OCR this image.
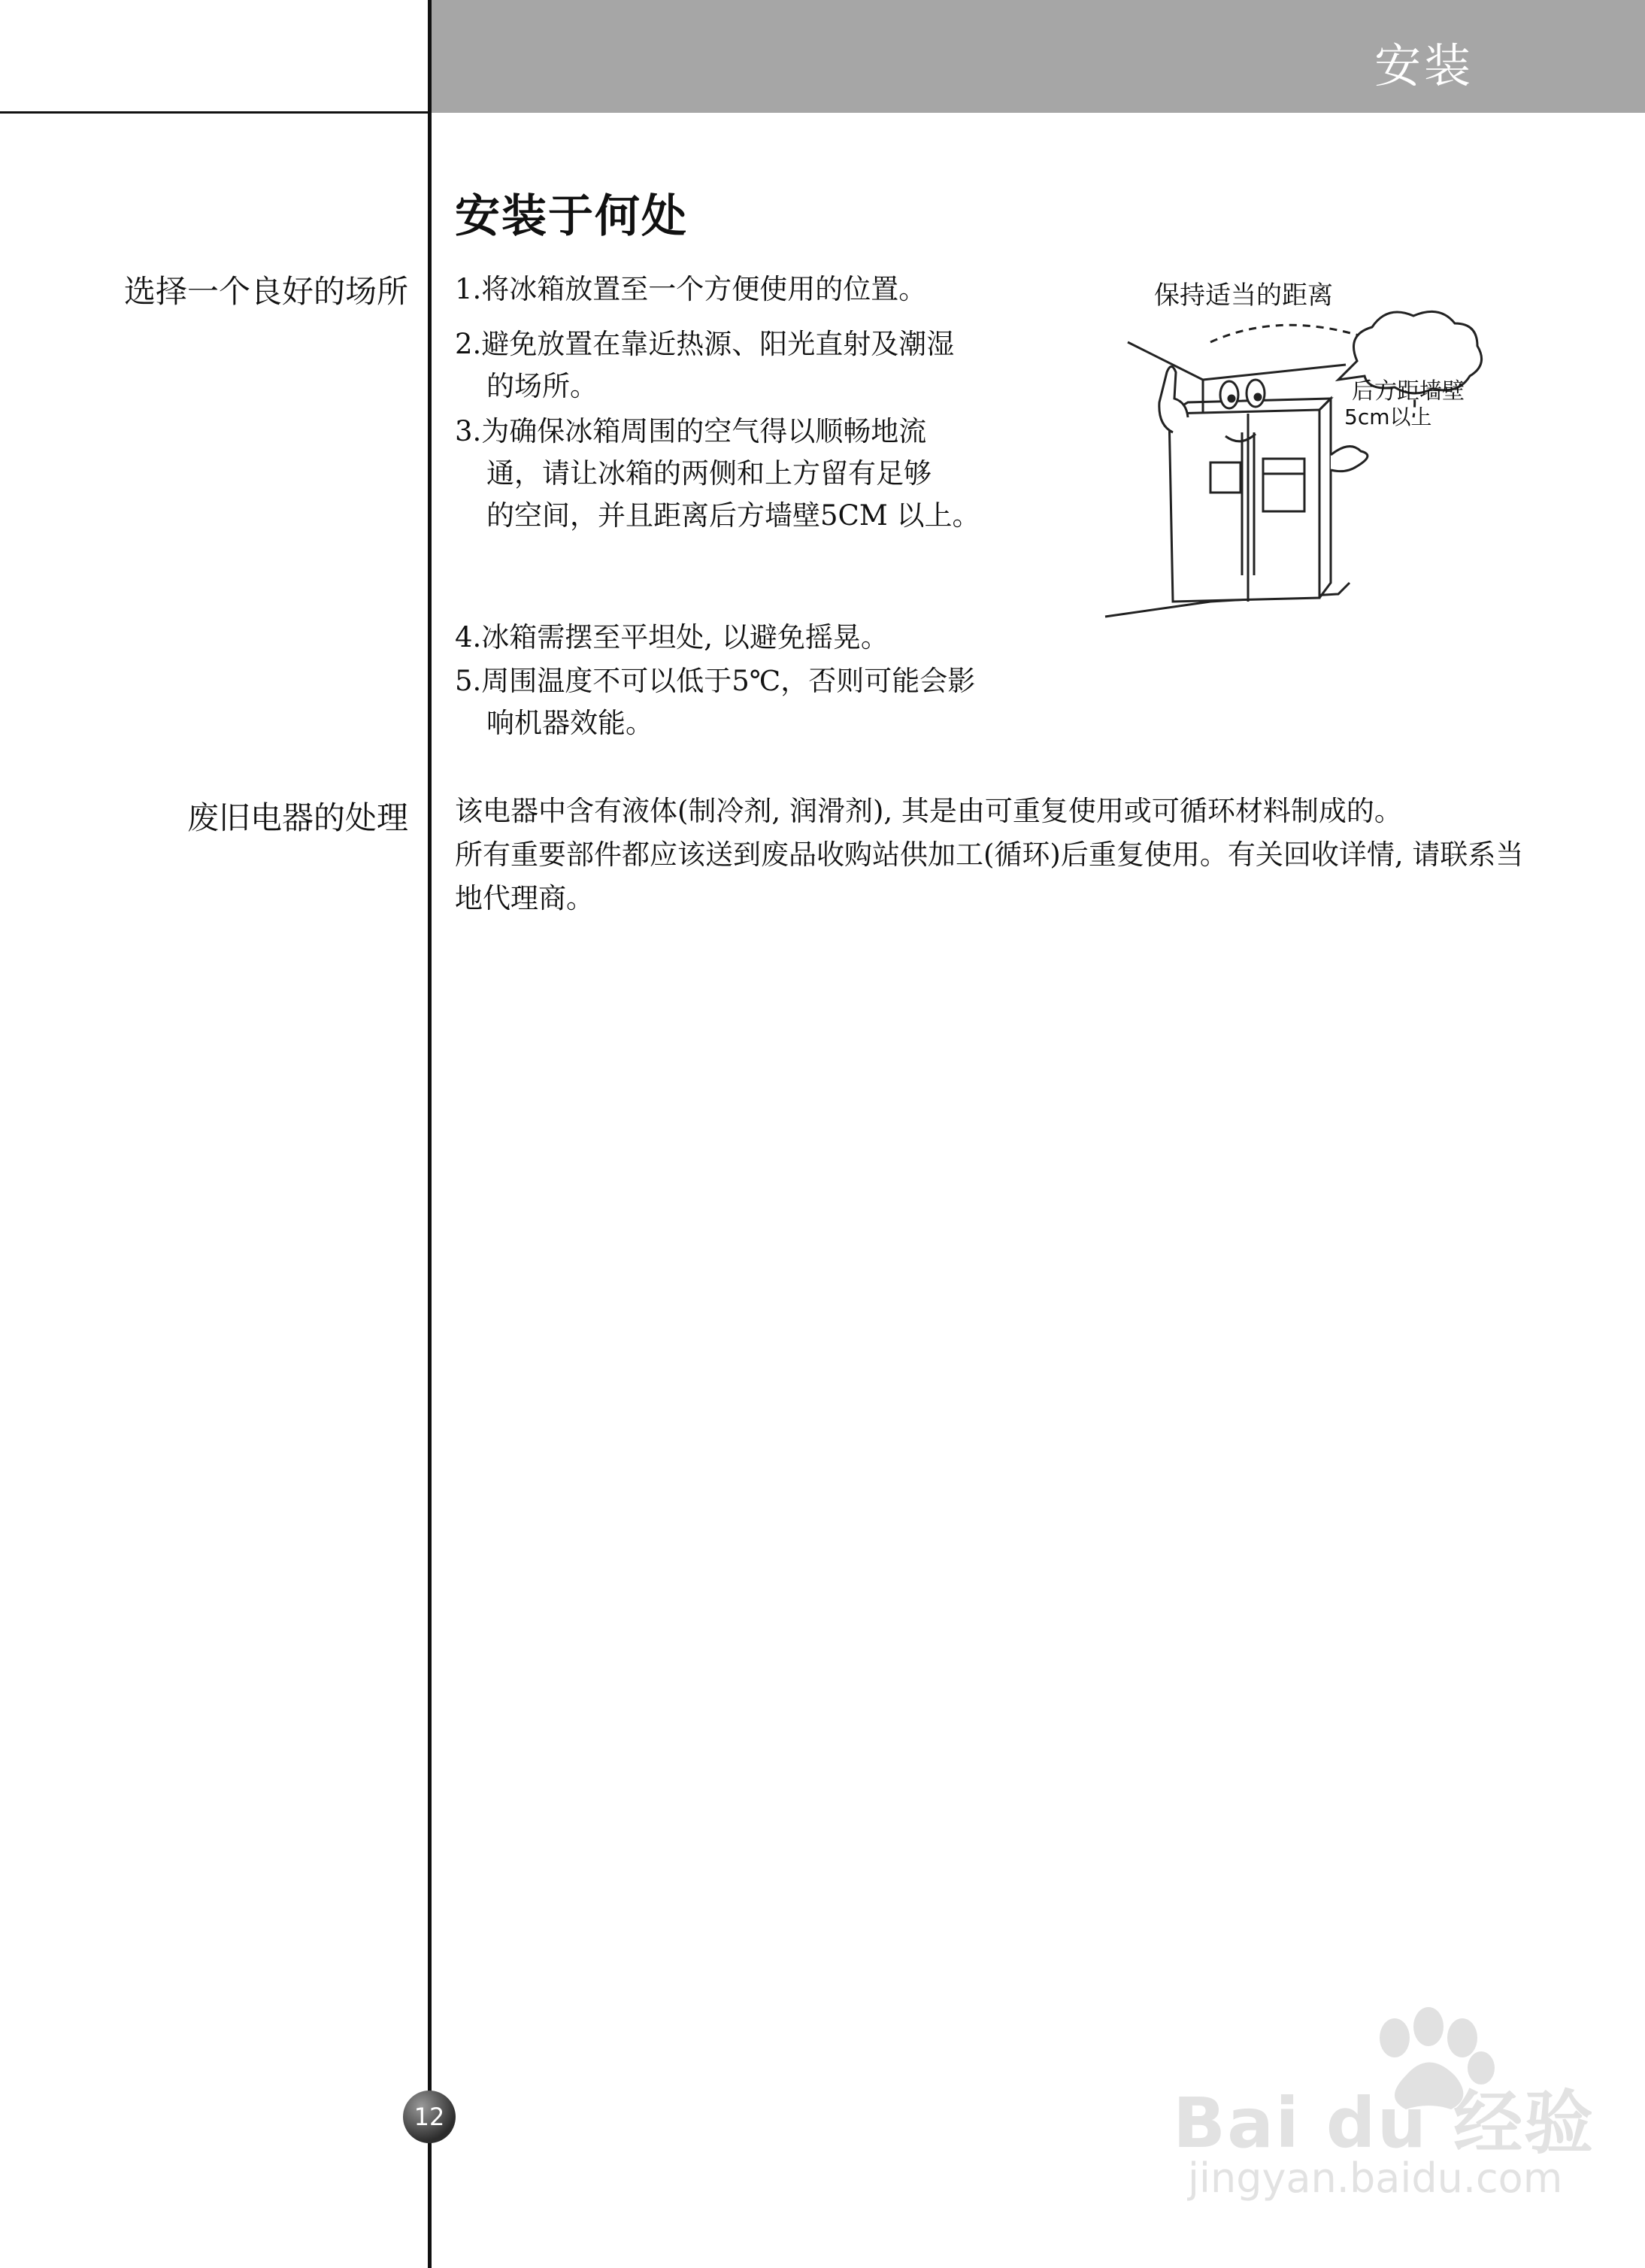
安装
安装于何处
选择一个良好的场所
废旧电器的处理
1.将冰箱放置至一个方便使用的位置。
2.避免放置在靠近热源、阳光直射及潮湿
的场所。
3.为确保冰箱周围的空气得以顺畅地流
通，请让冰箱的两侧和上方留有足够
的空间，并且距离后方墙壁5CM 以上。
4.冰箱需摆至平坦处, 以避免摇晃。
5.周围温度不可以低于5℃，否则可能会影
响机器效能。
保持适当的距离
后方距墙壁
5cm以上
该电器中含有液体(制冷剂, 润滑剂), 其是由可重复使用或可循环材料制成的。
所有重要部件都应该送到废品收购站供加工(循环)后重复使用。有关回收详情, 请联系当
地代理商。
12	Bai du 经验
jingyan.baidu.com
